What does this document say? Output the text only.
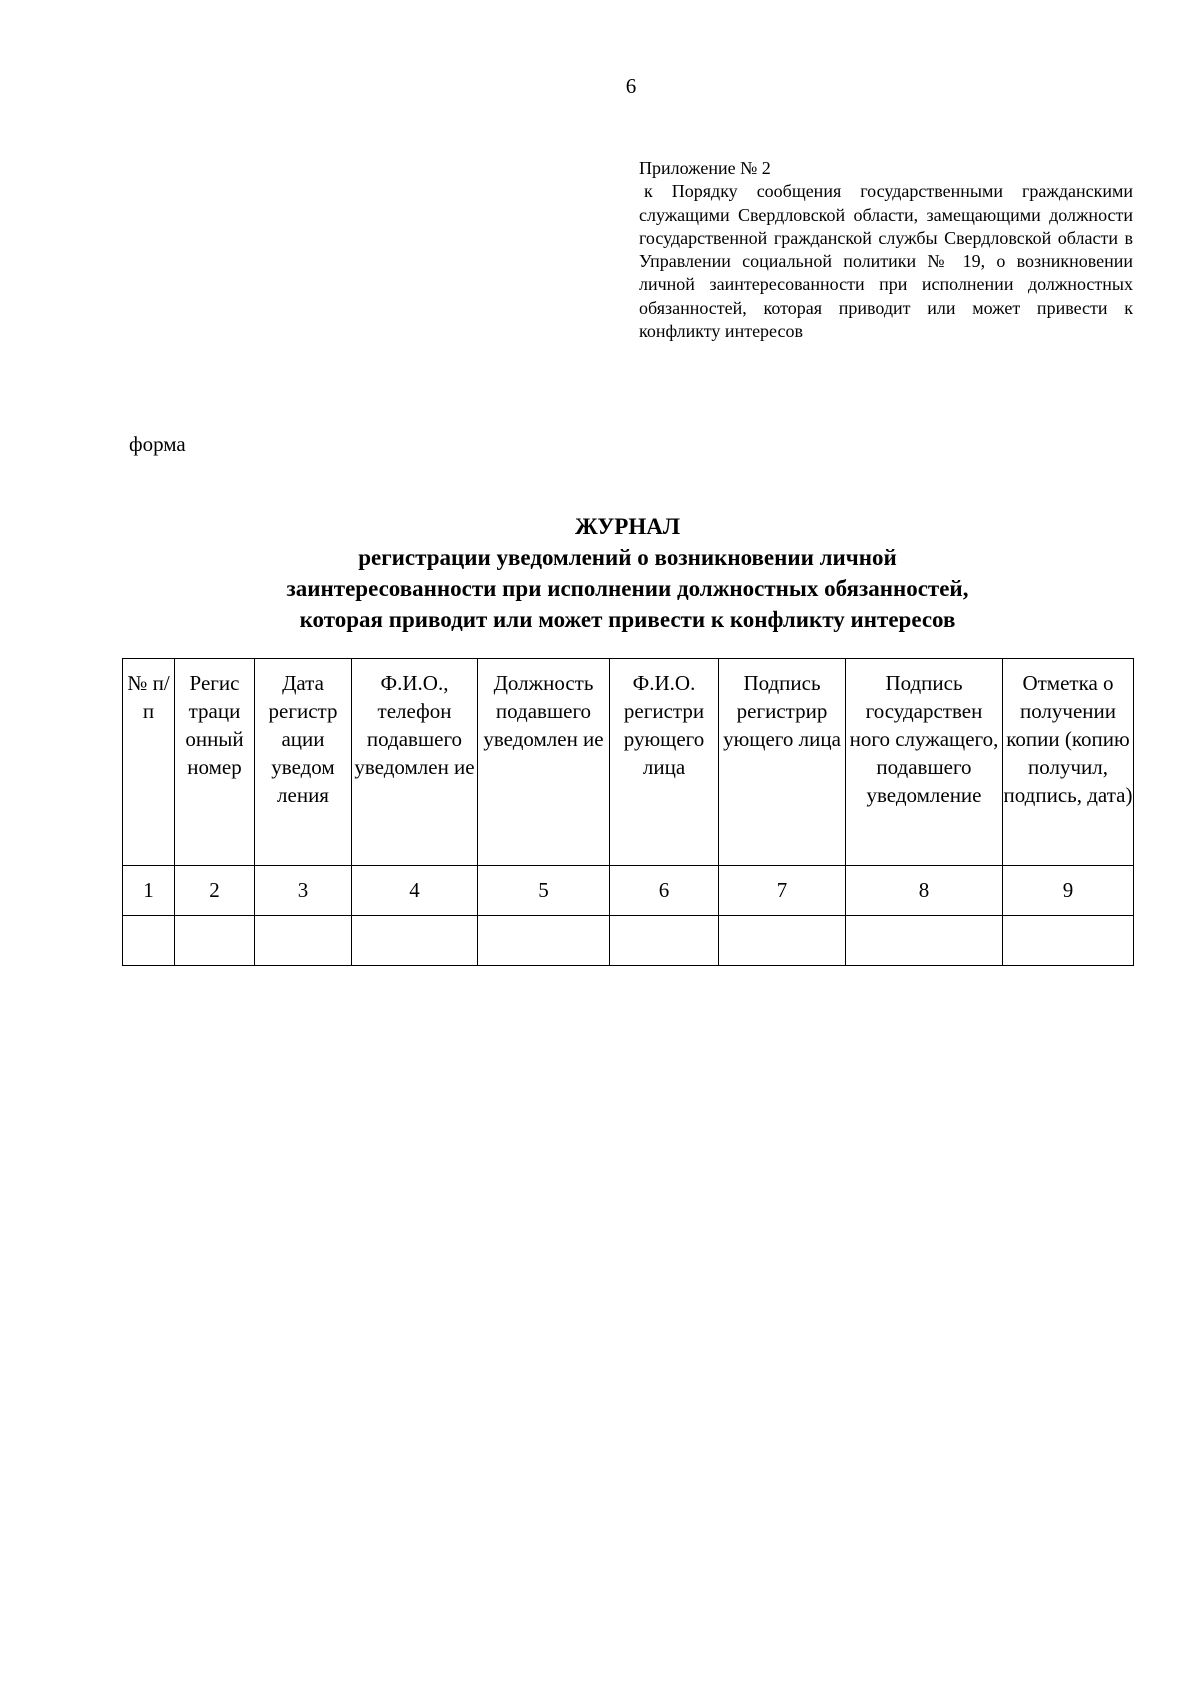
6

Приложение № 2

к Порядку сообщения государственными гражданскими служащими Свердловской области, замещающими должности государственной гражданской службы Свердловской области в Управлении социальной политики № 19, о возникновении личной заинтересованности при исполнении должностных обязанностей, которая приводит или может привести к конфликту интересов

форма
ЖУРНАЛ
регистрации уведомлений о возникновении личной
заинтересованности при исполнении должностных обязанностей,
которая приводит или может привести к конфликту интересов
№ п/п	Регис траци онный номер	Дата регистр ации уведом ления	Ф.И.О., телефон подавшего уведомлен ие	Должность подавшего уведомлен ие	Ф.И.О. регистри рующего лица	Подпись регистрир ующего лица	Подпись государствен ного служащего, подавшего уведомление	Отметка о получении копии (копию получил, подпись, дата)
1	2	3	4	5	6	7	8	9
